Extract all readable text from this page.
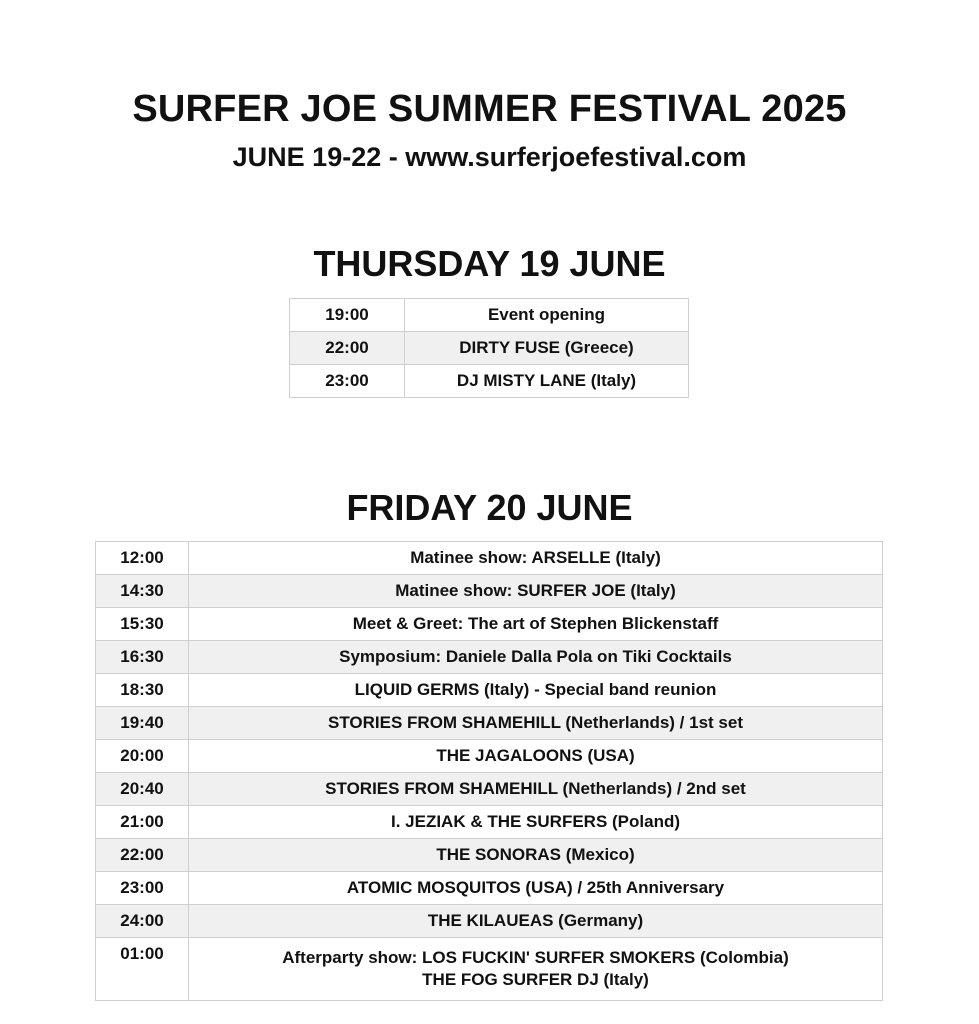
SURFER JOE SUMMER FESTIVAL 2025
JUNE 19-22 - www.surferjoefestival.com
THURSDAY 19 JUNE
19:00	Event opening
22:00	DIRTY FUSE (Greece)
23:00	DJ MISTY LANE (Italy)
FRIDAY 20 JUNE
12:00	Matinee show: ARSELLE (Italy)
14:30	Matinee show: SURFER JOE (Italy)
15:30	Meet & Greet: The art of Stephen Blickenstaff
16:30	Symposium: Daniele Dalla Pola on Tiki Cocktails
18:30	LIQUID GERMS (Italy) - Special band reunion
19:40	STORIES FROM SHAMEHILL (Netherlands) / 1st set
20:00	THE JAGALOONS (USA)
20:40	STORIES FROM SHAMEHILL (Netherlands) / 2nd set
21:00	I. JEZIAK & THE SURFERS (Poland)
22:00	THE SONORAS (Mexico)
23:00	ATOMIC MOSQUITOS (USA) / 25th Anniversary
24:00	THE KILAUEAS (Germany)
01:00	Afterparty show: LOS FUCKIN' SURFER SMOKERS (Colombia)
THE FOG SURFER DJ (Italy)
